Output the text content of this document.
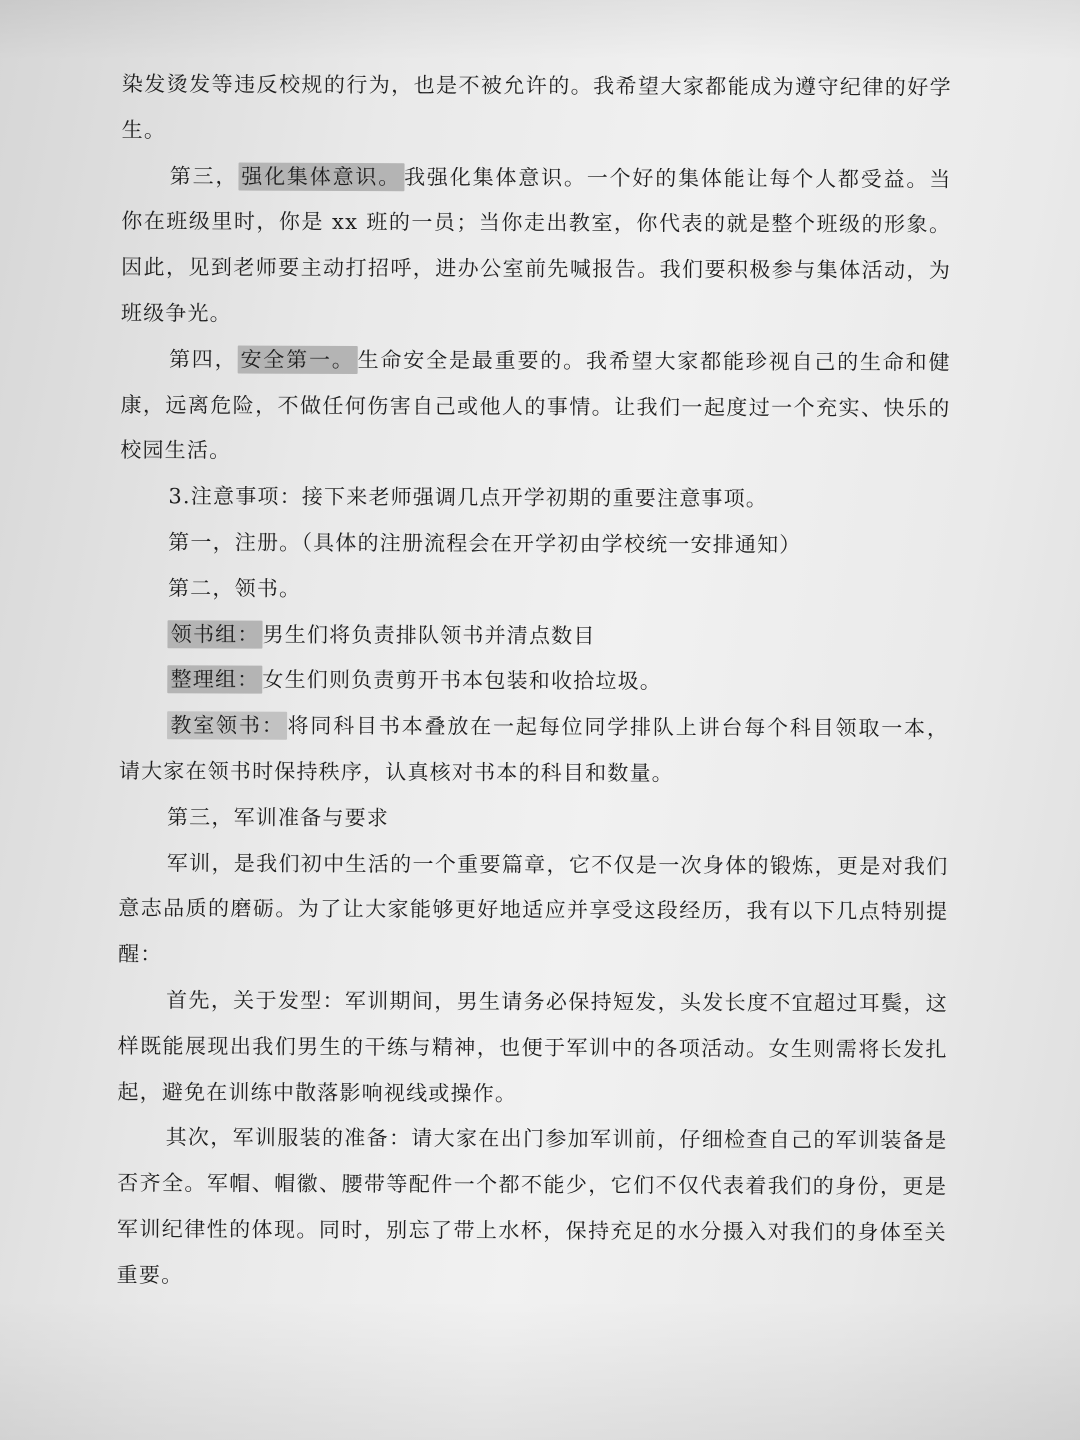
染发烫发等违反校规的行为，也是不被允许的。我希望大家都能成为遵守纪律的好学生。

第三， 强化集体意识。 我强化集体意识。一个好的集体能让每个人都受益。当你在班级里时，你是 xx 班的一员；当你走出教室，你代表的就是整个班级的形象。因此，见到老师要主动打招呼，进办公室前先喊报告。我们要积极参与集体活动，为班级争光。

第四， 安全第一。 生命安全是最重要的。我希望大家都能珍视自己的生命和健康，远离危险，不做任何伤害自己或他人的事情。让我们一起度过一个充实、快乐的校园生活。

3.注意事项：接下来老师强调几点开学初期的重要注意事项。

第一，注册。（具体的注册流程会在开学初由学校统一安排通知）

第二，领书。

领书组： 男生们将负责排队领书并清点数目

整理组： 女生们则负责剪开书本包装和收拾垃圾。

教室领书： 将同科目书本叠放在一起每位同学排队上讲台每个科目领取一本，请大家在领书时保持秩序，认真核对书本的科目和数量。

第三，军训准备与要求

军训，是我们初中生活的一个重要篇章，它不仅是一次身体的锻炼，更是对我们意志品质的磨砺。为了让大家能够更好地适应并享受这段经历，我有以下几点特别提醒：

首先，关于发型：军训期间，男生请务必保持短发，头发长度不宜超过耳鬓，这样既能展现出我们男生的干练与精神，也便于军训中的各项活动。女生则需将长发扎起，避免在训练中散落影响视线或操作。

其次，军训服装的准备：请大家在出门参加军训前，仔细检查自己的军训装备是否齐全。军帽、帽徽、腰带等配件一个都不能少，它们不仅代表着我们的身份，更是军训纪律性的体现。同时，别忘了带上水杯，保持充足的水分摄入对我们的身体至关重要。
